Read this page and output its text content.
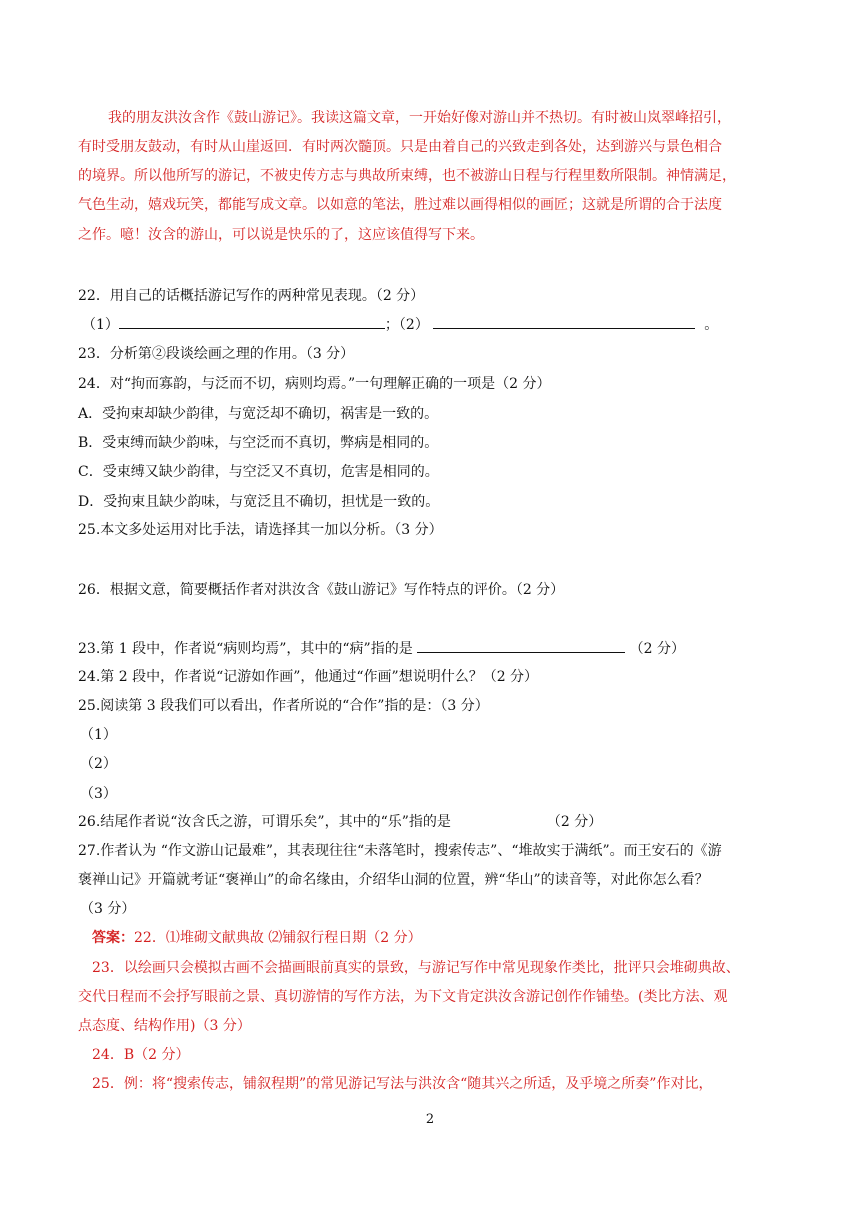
我的朋友洪汝含作《鼓山游记》。我读这篇文章，一开始好像对游山并不热切。有时被山岚翠峰招引，
有时受朋友鼓动，有时从山崖返回．有时两次髓顶。只是由着自己的兴致走到各处，达到游兴与景色相合
的境界。所以他所写的游记，不被史传方志与典故所束缚，也不被游山日程与行程里数所限制。神情满足，
气色生动，嬉戏玩笑，都能写成文章。以如意的笔法，胜过难以画得相似的画匠；这就是所谓的合于法度
之作。噫！汝含的游山，可以说是快乐的了，这应该值得写下来。
22．用自己的话概括游记写作的两种常见表现。（2 分）
（1）	；（2）	。
23．分析第②段谈绘画之理的作用。（3 分）
24．对“拘而寡韵，与泛而不切，病则均焉。”一句理解正确的一项是（2 分）
A．受拘束却缺少韵律，与宽泛却不确切，祸害是一致的。
B．受束缚而缺少韵味，与空泛而不真切，弊病是相同的。
C．受束缚又缺少韵律，与空泛又不真切，危害是相同的。
D．受拘束且缺少韵味，与宽泛且不确切，担忧是一致的。
25.本文多处运用对比手法，请选择其一加以分析。（3 分）
26．根据文意，简要概括作者对洪汝含《鼓山游记》写作特点的评价。（2 分）
23.第 1 段中，作者说“病则均焉”，其中的“病”指的是	（2 分）
24.第 2 段中，作者说“记游如作画”，他通过“作画”想说明什么？（2 分）
25.阅读第 3 段我们可以看出，作者所说的“合作”指的是：（3 分）
（1）
（2）
（3）
26.结尾作者说“汝含氏之游，可谓乐矣”，其中的“乐”指的是	（2 分）
27.作者认为 “作文游山记最难”，其表现往往“未落笔时，搜索传志”、“堆故实于满纸”。而王安石的《游
褒禅山记》开篇就考证“褒禅山”的命名缘由，介绍华山洞的位置，辨“华山”的读音等，对此你怎么看？
（3 分）
答案：22．⑴堆砌文献典故 ⑵铺叙行程日期（2 分）
23．以绘画只会模拟古画不会描画眼前真实的景致，与游记写作中常见现象作类比，批评只会堆砌典故、
交代日程而不会抒写眼前之景、真切游情的写作方法，为下文肯定洪汝含游记创作作铺垫。(类比方法、观
点态度、结构作用)（3 分）
24．B（2 分）
25．例：将“搜索传志，铺叙程期”的常见游记写法与洪汝含“随其兴之所适，及乎境之所奏”作对比，
2
